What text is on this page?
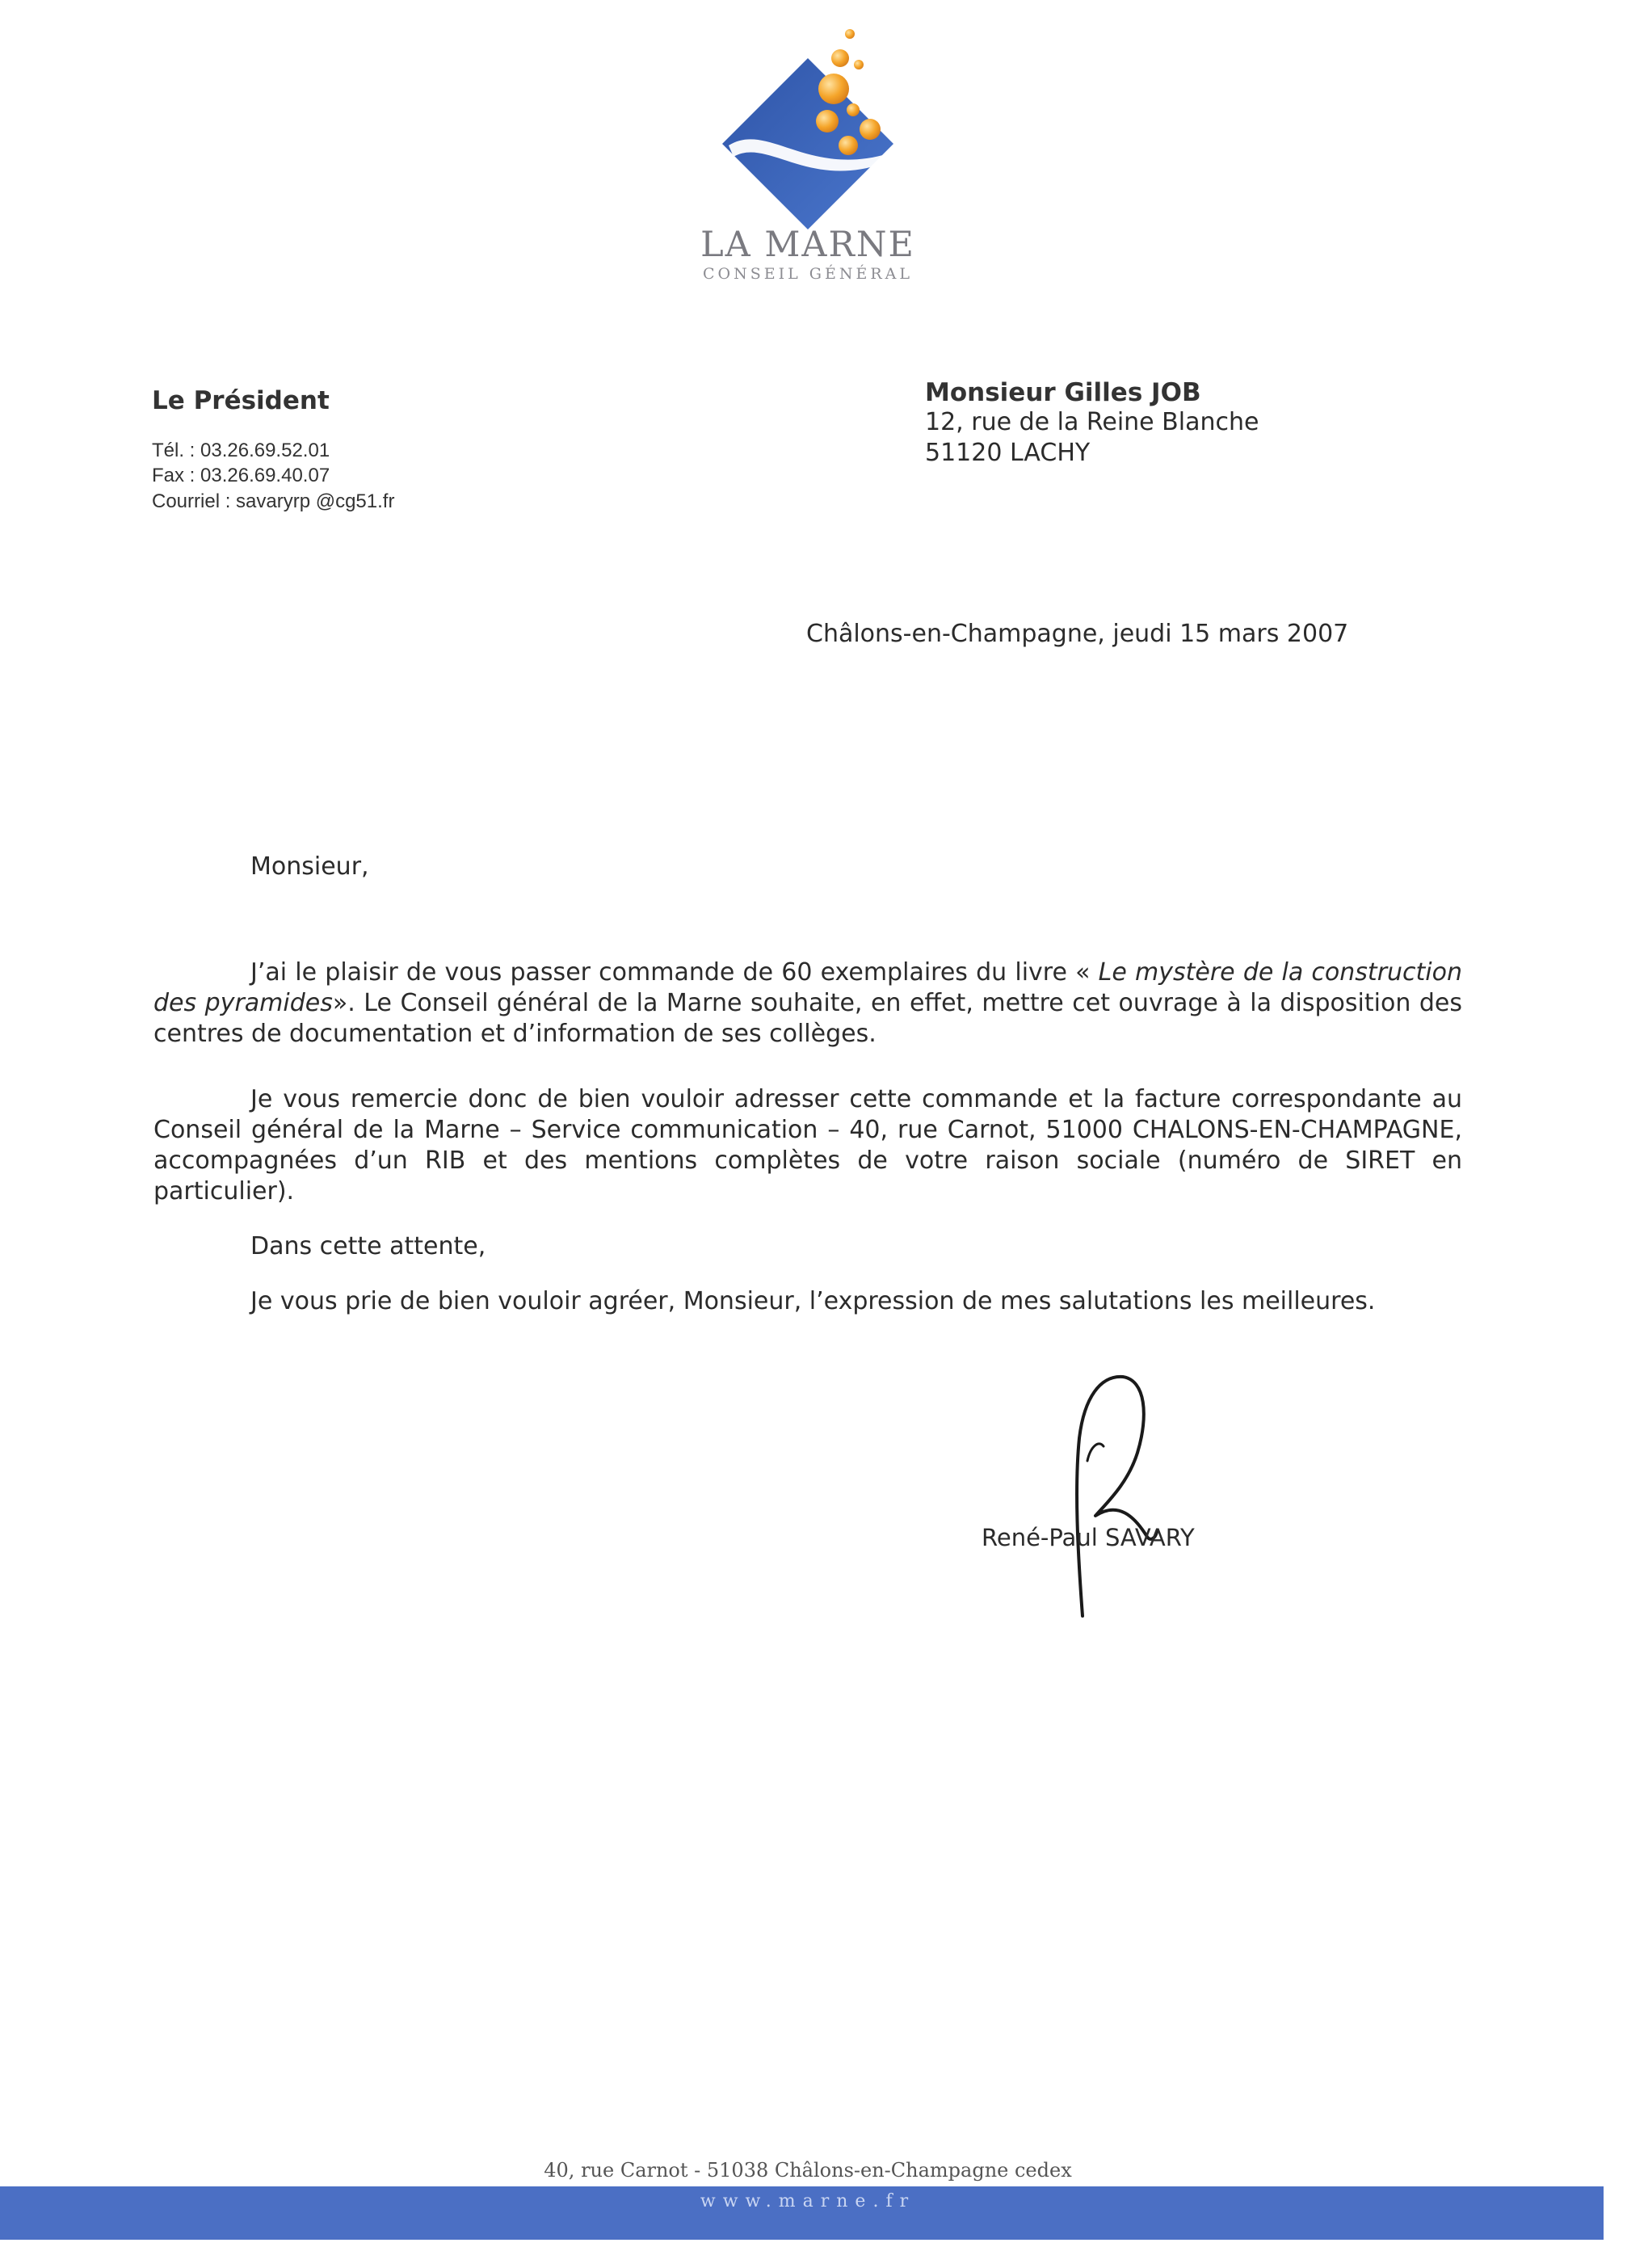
LA MARNE
CONSEIL GÉNÉRAL
Le Président
Tél. : 03.26.69.52.01
Fax : 03.26.69.40.07
Courriel : savaryrp @cg51.fr
Monsieur Gilles JOB
12, rue de la Reine Blanche
51120 LACHY
Châlons-en-Champagne, jeudi 15 mars 2007
Monsieur,
J’ai le plaisir de vous passer commande de 60 exemplaires du livre « Le mystère de la construction des pyramides». Le Conseil général de la Marne souhaite, en effet, mettre cet ouvrage à la disposition des centres de documentation et d’information de ses collèges.
Je vous remercie donc de bien vouloir adresser cette commande et la facture correspondante au Conseil général de la Marne – Service communication – 40, rue Carnot, 51000 CHALONS-EN-CHAMPAGNE, accompagnées d’un RIB et des mentions complètes de votre raison sociale (numéro de SIRET en particulier).
Dans cette attente,
Je vous prie de bien vouloir agréer, Monsieur, l’expression de mes salutations les meilleures.
René-Paul SAVARY
40, rue Carnot - 51038 Châlons-en-Champagne cedex
www.marne.fr
